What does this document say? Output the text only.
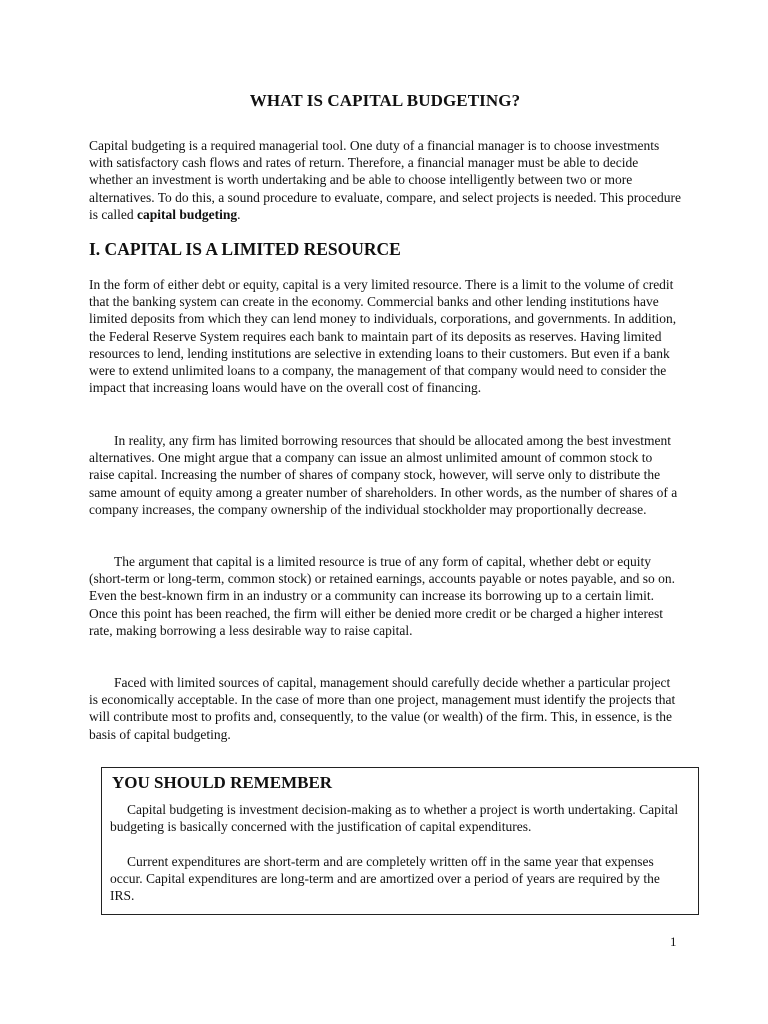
WHAT IS CAPITAL BUDGETING?

Capital budgeting is a required managerial tool. One duty of a financial manager is to choose investments with satisfactory cash flows and rates of return. Therefore, a financial manager must be able to decide whether an investment is worth undertaking and be able to choose intelligently between two or more alternatives. To do this, a sound procedure to evaluate, compare, and select projects is needed. This procedure is called capital budgeting.

I. CAPITAL IS A LIMITED RESOURCE

In the form of either debt or equity, capital is a very limited resource. There is a limit to the volume of credit that the banking system can create in the economy. Commercial banks and other lending institutions have limited deposits from which they can lend money to individuals, corporations, and governments. In addition, the Federal Reserve System requires each bank to maintain part of its deposits as reserves. Having limited resources to lend, lending institutions are selective in extending loans to their customers. But even if a bank were to extend unlimited loans to a company, the management of that company would need to consider the impact that increasing loans would have on the overall cost of financing.

In reality, any firm has limited borrowing resources that should be allocated among the best investment alternatives. One might argue that a company can issue an almost unlimited amount of common stock to raise capital. Increasing the number of shares of company stock, however, will serve only to distribute the same amount of equity among a greater number of shareholders. In other words, as the number of shares of a company increases, the company ownership of the individual stockholder may proportionally decrease.

The argument that capital is a limited resource is true of any form of capital, whether debt or equity (short-term or long-term, common stock) or retained earnings, accounts payable or notes payable, and so on. Even the best-known firm in an industry or a community can increase its borrowing up to a certain limit. Once this point has been reached, the firm will either be denied more credit or be charged a higher interest rate, making borrowing a less desirable way to raise capital.

Faced with limited sources of capital, management should carefully decide whether a particular project is economically acceptable. In the case of more than one project, management must identify the projects that will contribute most to profits and, consequently, to the value (or wealth) of the firm. This, in essence, is the basis of capital budgeting.

YOU SHOULD REMEMBER

Capital budgeting is investment decision-making as to whether a project is worth undertaking. Capital budgeting is basically concerned with the justification of capital expenditures.

Current expenditures are short-term and are completely written off in the same year that expenses occur. Capital expenditures are long-term and are amortized over a period of years are required by the IRS.

1
